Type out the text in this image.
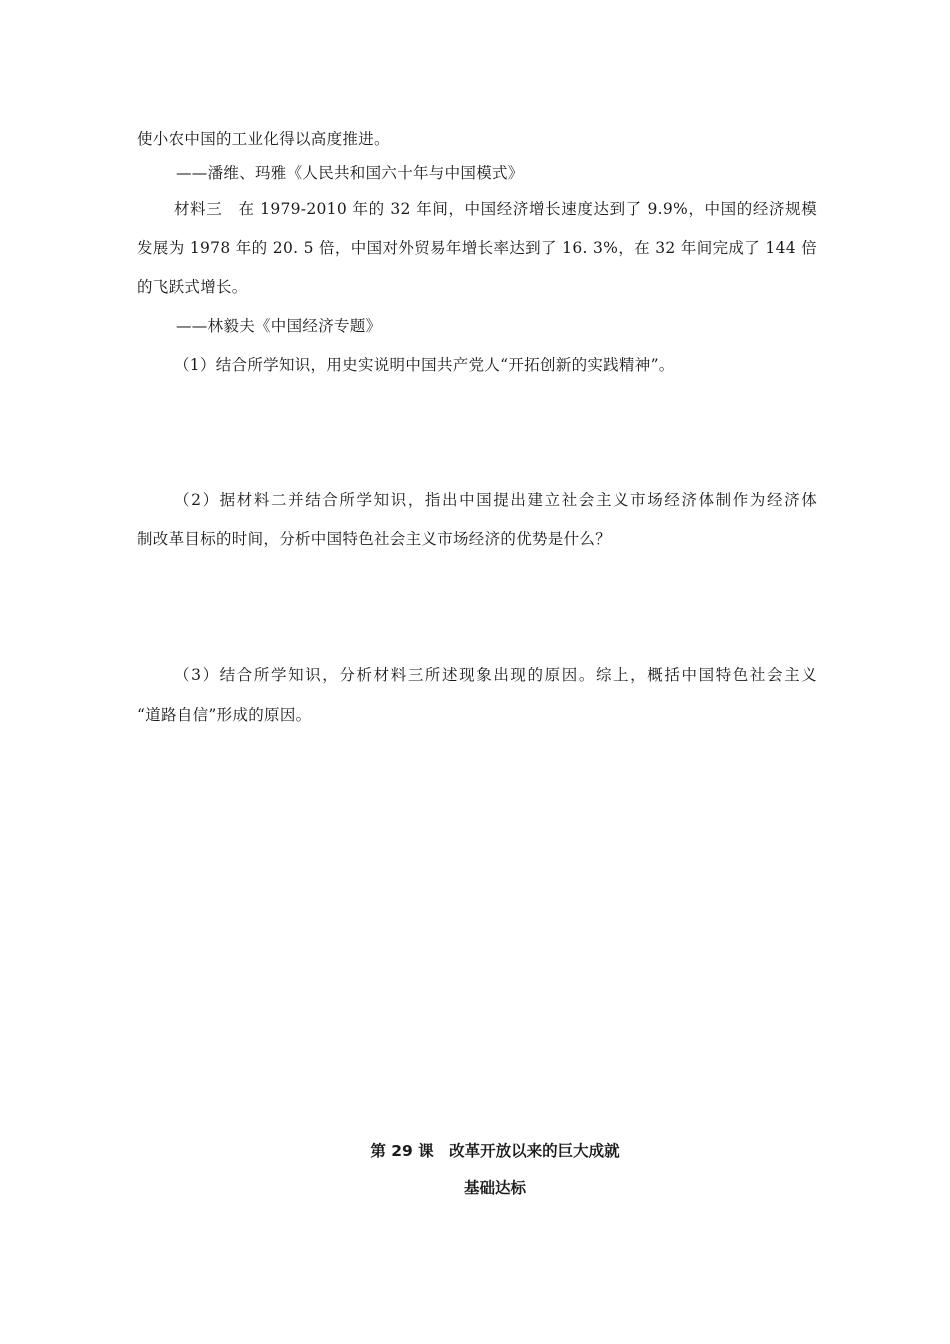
使小农中国的工业化得以高度推进。
——潘维、玛雅《人民共和国六十年与中国模式》
材料三　在 1979-2010 年的 32 年间，中国经济增长速度达到了 9.9%，中国的经济规模
发展为 1978 年的 20. 5 倍，中国对外贸易年增长率达到了 16. 3%，在 32 年间完成了 144 倍
的飞跃式增长。
——林毅夫《中国经济专题》
（1）结合所学知识，用史实说明中国共产党人“开拓创新的实践精神”。
（2）据材料二并结合所学知识，指出中国提出建立社会主义市场经济体制作为经济体
制改革目标的时间，分析中国特色社会主义市场经济的优势是什么？
（3）结合所学知识，分析材料三所述现象出现的原因。综上，概括中国特色社会主义
“道路自信”形成的原因。
第 29 课　改革开放以来的巨大成就
基础达标
